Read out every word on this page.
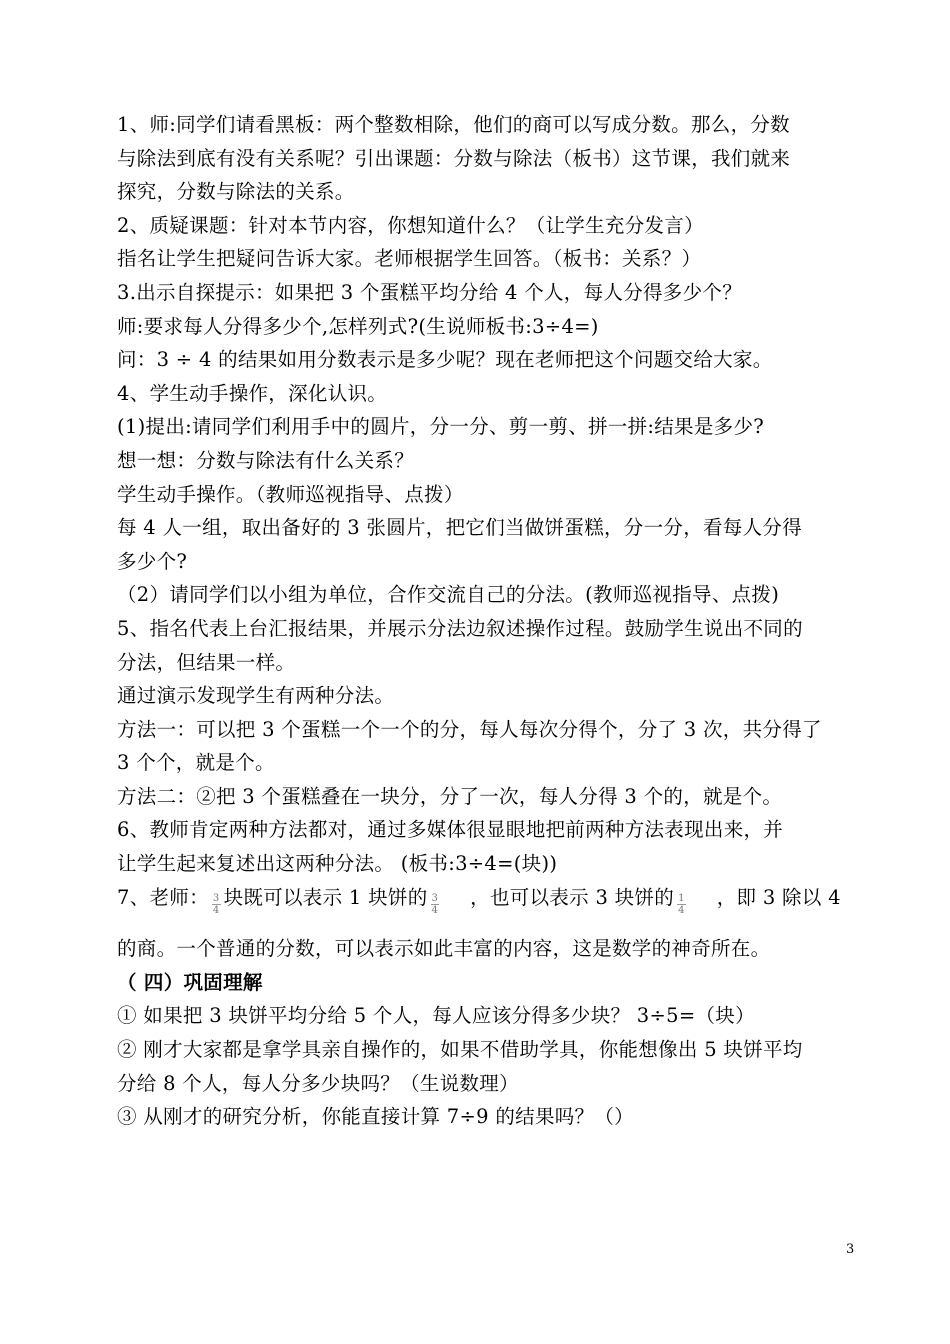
1、师:同学们请看黑板：两个整数相除，他们的商可以写成分数。那么，分数
与除法到底有没有关系呢？引出课题：分数与除法（板书）这节课，我们就来
探究，分数与除法的关系。
2、质疑课题：针对本节内容，你想知道什么？（让学生充分发言）
指名让学生把疑问告诉大家。老师根据学生回答。（板书：关系？）
3.出示自探提示：如果把 3 个蛋糕平均分给 4 个人，每人分得多少个？
师:要求每人分得多少个,怎样列式?(生说师板书:3÷4=)
问：3 ÷ 4 的结果如用分数表示是多少呢？现在老师把这个问题交给大家。
4、学生动手操作，深化认识。
(1)提出:请同学们利用手中的圆片，分一分、剪一剪、拼一拼:结果是多少?
想一想：分数与除法有什么关系？
学生动手操作。（教师巡视指导、点拨）
每 4 人一组，取出备好的 3 张圆片，把它们当做饼蛋糕，分一分，看每人分得
多少个?
（2）请同学们以小组为单位，合作交流自己的分法。(教师巡视指导、点拨)
5、指名代表上台汇报结果，并展示分法边叙述操作过程。鼓励学生说出不同的
分法，但结果一样。
通过演示发现学生有两种分法。
方法一：可以把 3 个蛋糕一个一个的分，每人每次分得个，分了 3 次，共分得了
3 个个，就是个。
方法二：②把 3 个蛋糕叠在一块分，分了一次，每人分得 3 个的，就是个。
6、教师肯定两种方法都对，通过多媒体很显眼地把前两种方法表现出来，并
让学生起来复述出这两种分法。 (板书:3÷4=(块))
7、老师： $\frac{3}{4}$ 块既可以表示 1 块饼的 $\frac{3}{4}$ ，也可以表示 3 块饼的 $\frac{1}{4}$ ，即 3 除以 4
的商。一个普通的分数，可以表示如此丰富的内容，这是数学的神奇所在。
（ 四）巩固理解
① 如果把 3 块饼平均分给 5 个人，每人应该分得多少块？ 3÷5=（块）
② 刚才大家都是拿学具亲自操作的，如果不借助学具，你能想像出 5 块饼平均
分给 8 个人，每人分多少块吗？（生说数理）
③ 从刚才的研究分析，你能直接计算 7÷9 的结果吗？（）
3
